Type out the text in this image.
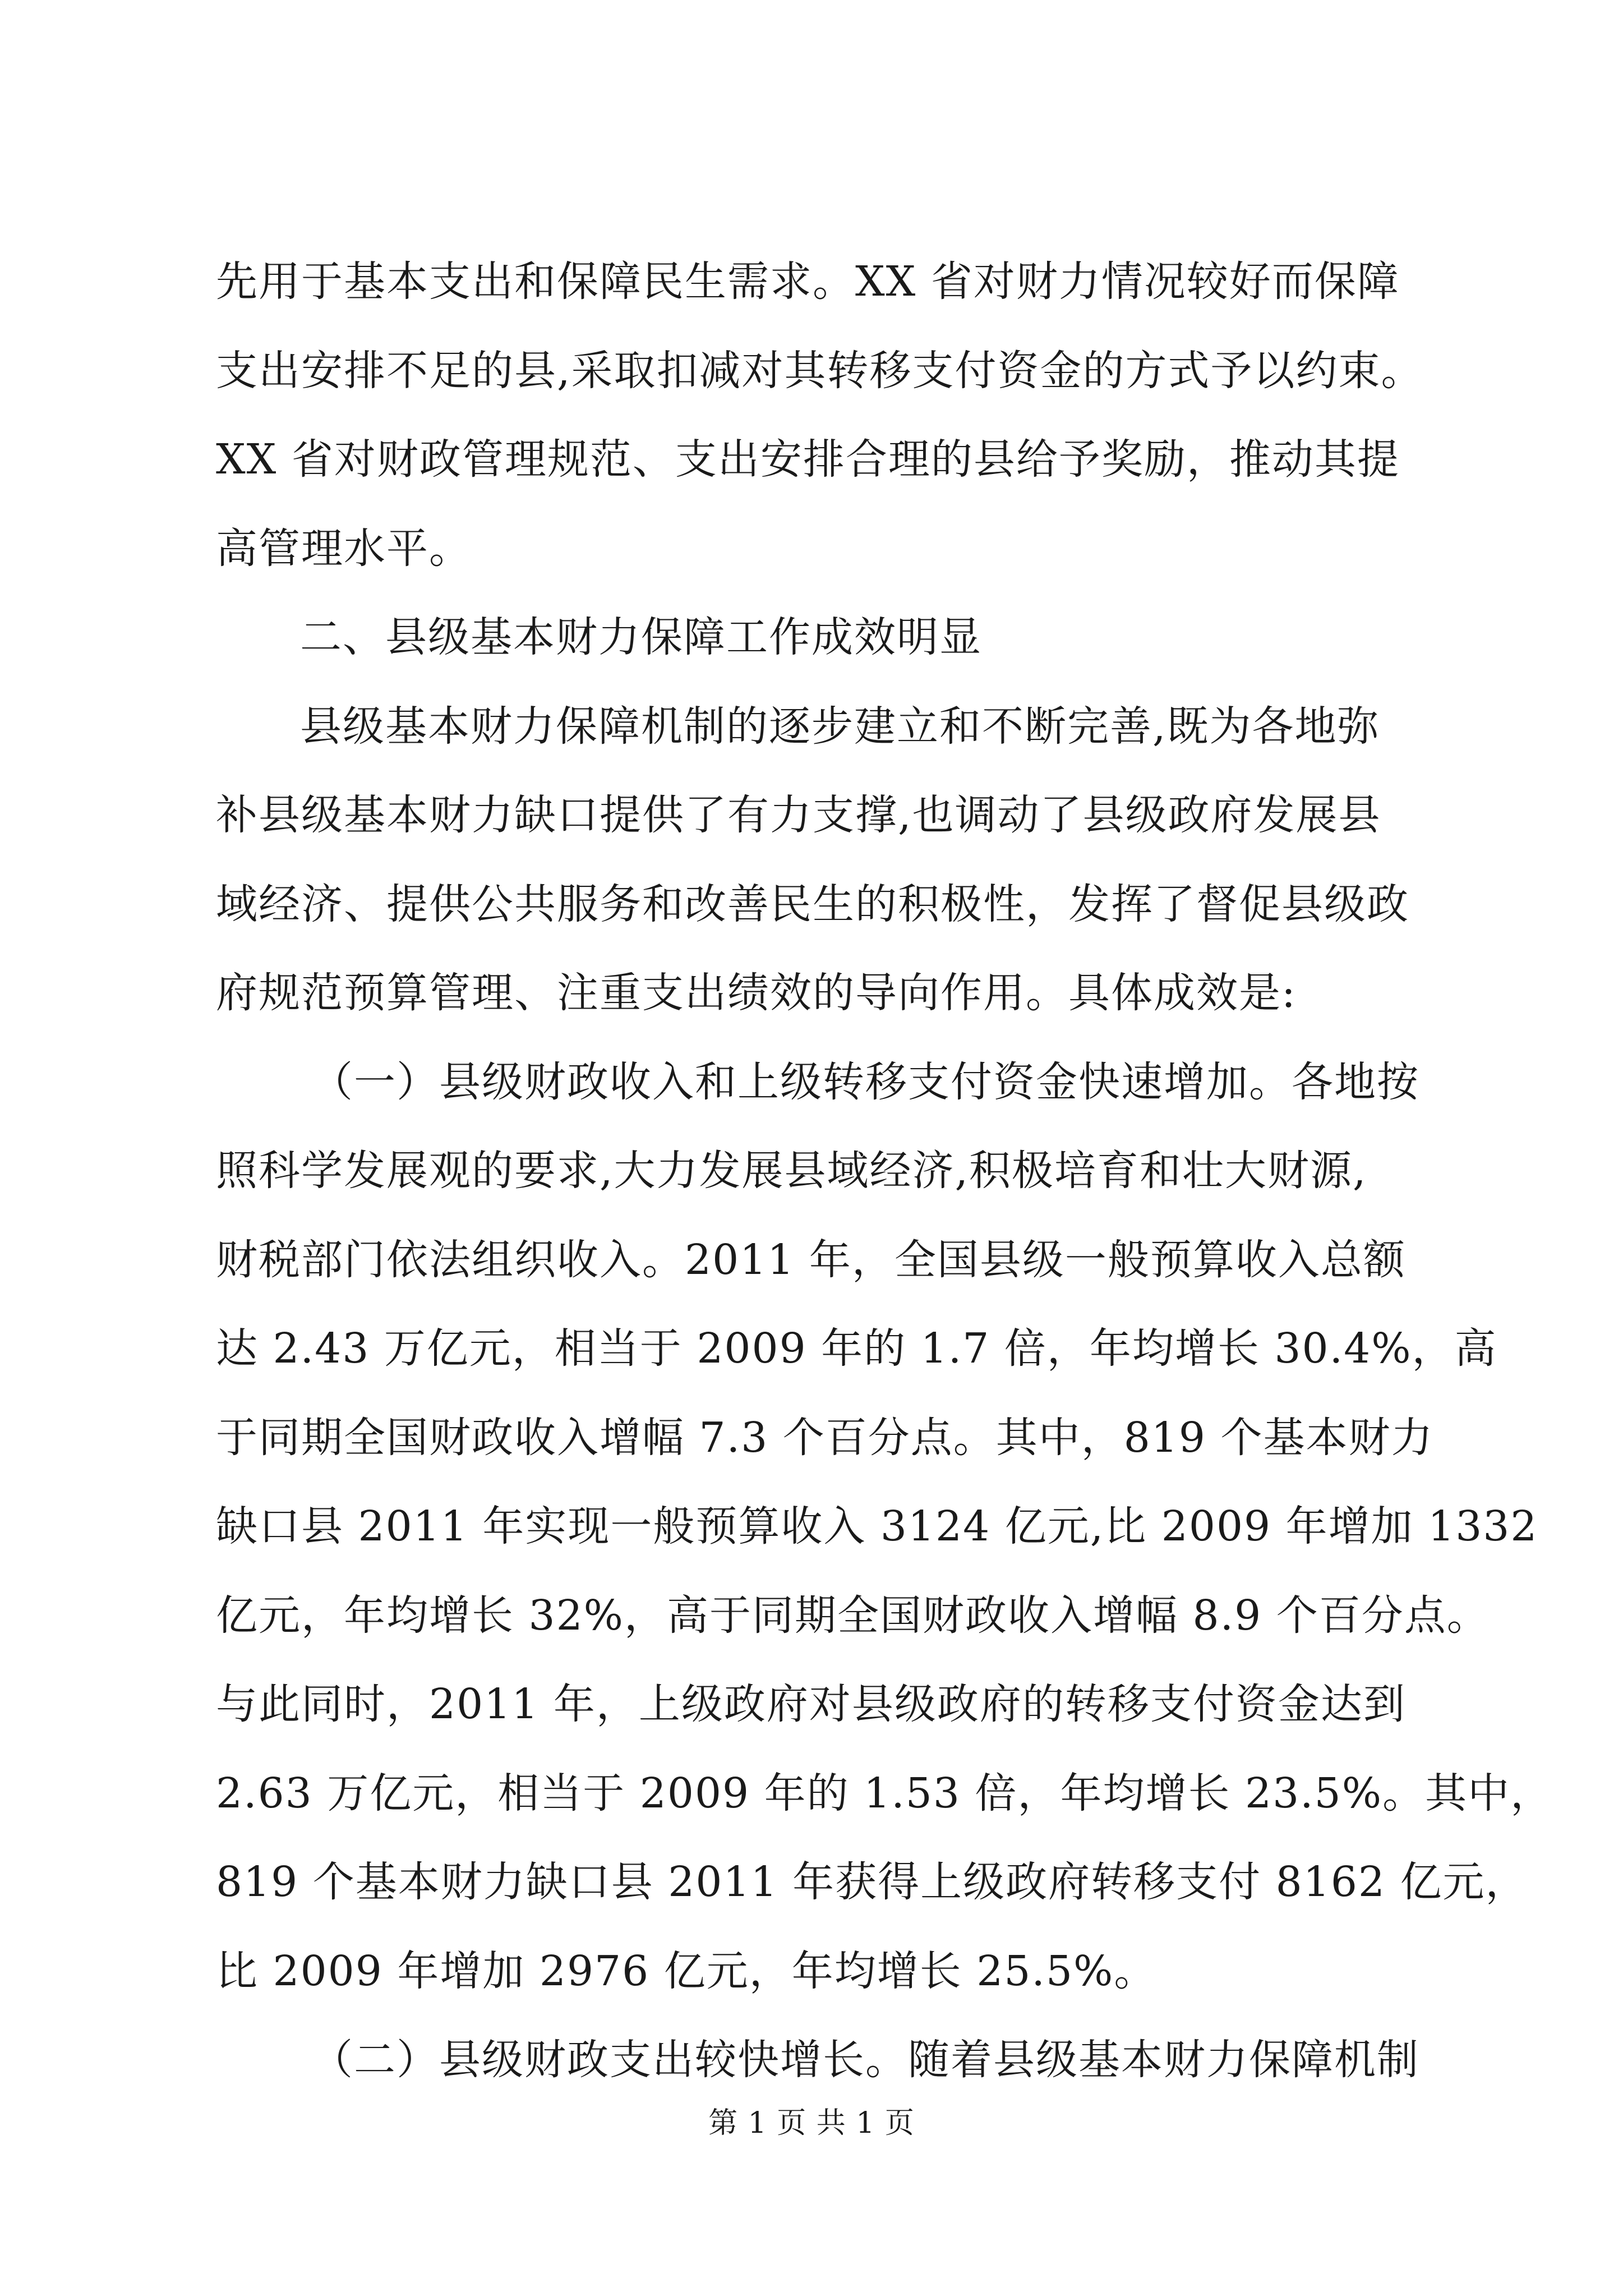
先用于基本支出和保障民生需求。XX 省对财力情况较好而保障
支出安排不足的县,采取扣减对其转移支付资金的方式予以约束。
XX 省对财政管理规范、支出安排合理的县给予奖励，推动其提
高管理水平。
二、县级基本财力保障工作成效明显
县级基本财力保障机制的逐步建立和不断完善,既为各地弥
补县级基本财力缺口提供了有力支撑,也调动了县级政府发展县
域经济、提供公共服务和改善民生的积极性，发挥了督促县级政
府规范预算管理、注重支出绩效的导向作用。具体成效是:
（一）县级财政收入和上级转移支付资金快速增加。各地按
照科学发展观的要求,大力发展县域经济,积极培育和壮大财源,
财税部门依法组织收入。2011 年，全国县级一般预算收入总额
达 2.43 万亿元，相当于 2009 年的 1.7 倍，年均增长 30.4%，高
于同期全国财政收入增幅 7.3 个百分点。其中，819 个基本财力
缺口县 2011 年实现一般预算收入 3124 亿元,比 2009 年增加 1332
亿元，年均增长 32%，高于同期全国财政收入增幅 8.9 个百分点。
与此同时，2011 年，上级政府对县级政府的转移支付资金达到
2.63 万亿元，相当于 2009 年的 1.53 倍，年均增长 23.5%。其中，
819 个基本财力缺口县 2011 年获得上级政府转移支付 8162 亿元，
比 2009 年增加 2976 亿元，年均增长 25.5%。
（二）县级财政支出较快增长。随着县级基本财力保障机制
第 1 页 共 1 页
